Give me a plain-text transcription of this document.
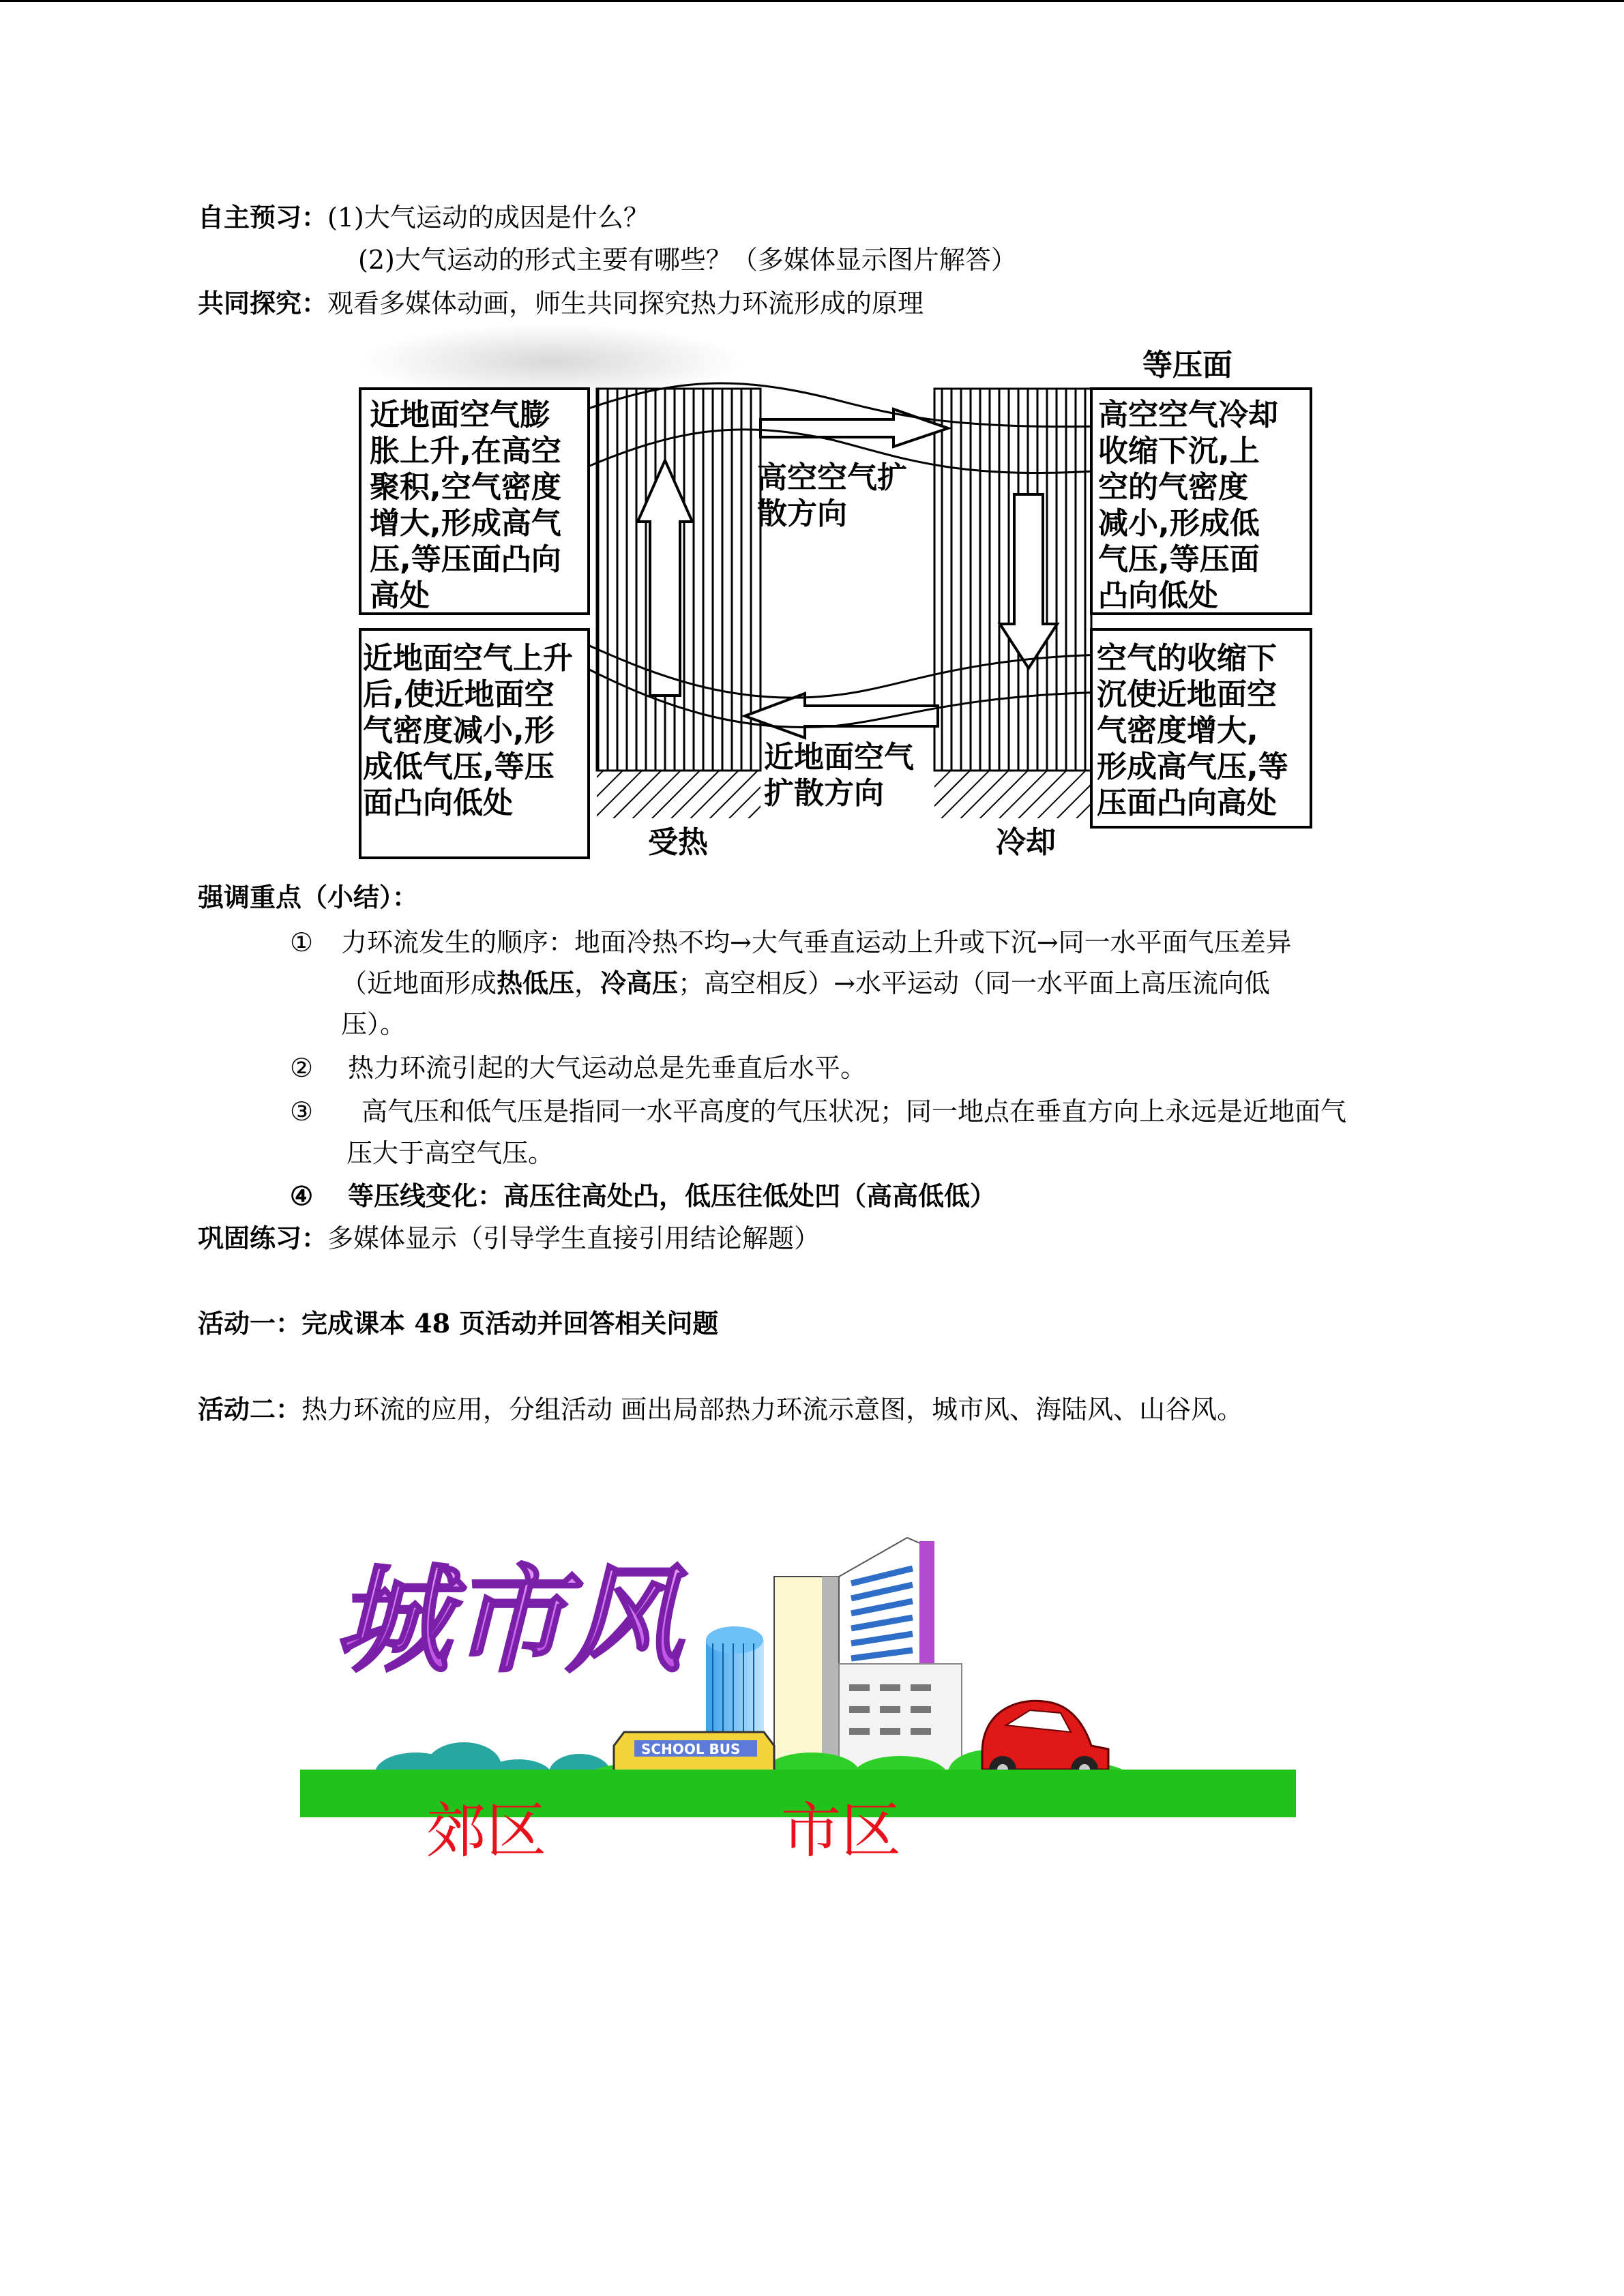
自主预习：(1)大气运动的成因是什么？
(2)大气运动的形式主要有哪些？（多媒体显示图片解答）
共同探究：观看多媒体动画，师生共同探究热力环流形成的原理
近地面空气膨 胀上升,在高空 聚积,空气密度 增大,形成高气 压,等压面凸向 高处
近地面空气上升 后,使近地面空 气密度减小,形 成低气压,等压 面凸向低处
高空空气冷却 收缩下沉,上 空的气密度 减小,形成低 气压,等压面 凸向低处
空气的收缩下 沉使近地面空 气密度增大, 形成高气压,等 压面凸向高处
高空空气扩 散方向
近地面空气 扩散方向
等压面
受热	冷却
强调重点（小结）：
① 力环流发生的顺序：地面冷热不均→大气垂直运动上升或下沉→同一水平面气压差异
（近地面形成热低压，冷高压；高空相反）→水平运动（同一水平面上高压流向低
压）。
② 热力环流引起的大气运动总是先垂直后水平。
③ 高气压和低气压是指同一水平高度的气压状况；同一地点在垂直方向上永远是近地面气
压大于高空气压。
④ 等压线变化：高压往高处凸，低压往低处凹（高高低低）
巩固练习：多媒体显示（引导学生直接引用结论解题）
活动一：完成课本 48 页活动并回答相关问题
活动二：热力环流的应用，分组活动 画出局部热力环流示意图，城市风、海陆风、山谷风。
城市风
SCHOOL BUS
郊区	市区
